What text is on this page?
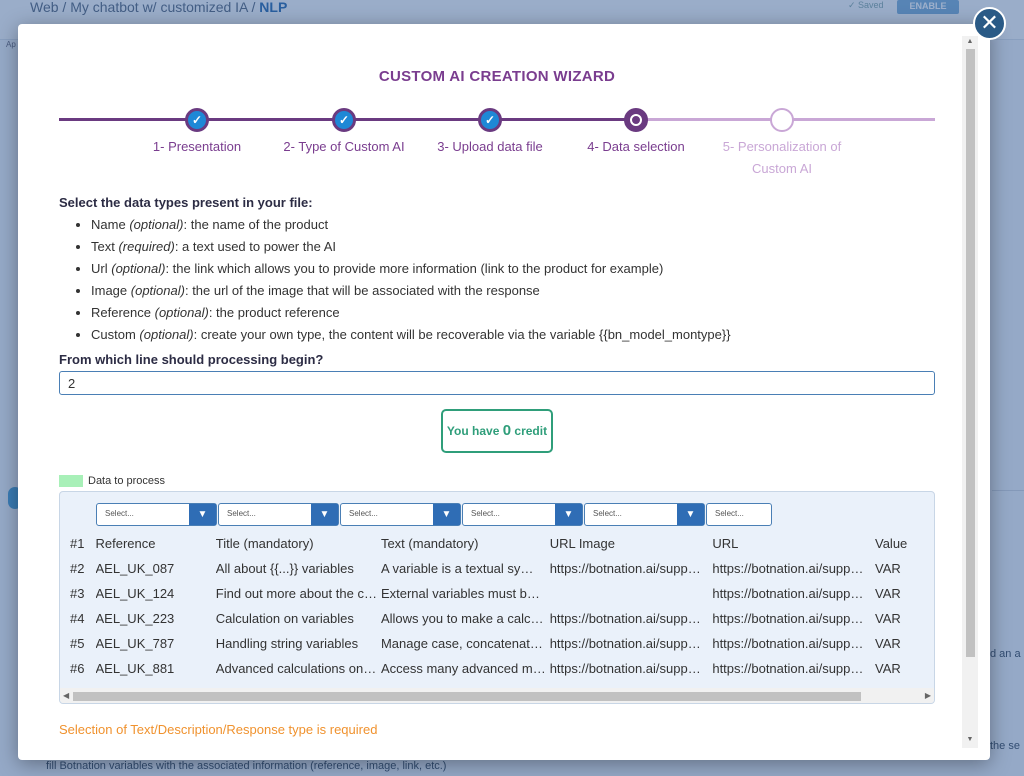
Web / My chatbot w/ customized IA / NLP	✓ Saved	ENABLE
Ap
d an a
the se
fill Botnation variables with the associated information (reference, image, link, etc.)
CUSTOM AI CREATION WIZARD
✓
1- Presentation
✓
2- Type of Custom AI
✓
3- Upload data file	4- Data selection	5- Personalization of
Custom AI
Select the data types present in your file:
• Name (optional): the name of the product
• Text (required): a text used to power the AI
• Url (optional): the link which allows you to provide more information (link to the product for example)
• Image (optional): the url of the image that will be associated with the response
• Reference (optional): the product reference
• Custom (optional): create your own type, the content will be recoverable via the variable {{bn_model_montype}}
From which line should processing begin?
2
You have 0 credit
Data to process
Select...	▼	Select...	▼	Select...	▼	Select...	▼	Select...	▼	Select...
#1	Reference	Title (mandatory)	Text (mandatory)	URL Image	URL	Value
#2	AEL_UK_087	All about {{...}} variables	A variable is a textual sy…	https://botnation.ai/supp…	https://botnation.ai/supp…	VAR
#3	AEL_UK_124	Find out more about the c…	External variables must b…		https://botnation.ai/supp…	VAR
#4	AEL_UK_223	Calculation on variables	Allows you to make a calc…	https://botnation.ai/supp…	https://botnation.ai/supp…	VAR
#5	AEL_UK_787	Handling string variables	Manage case, concatenat…	https://botnation.ai/supp…	https://botnation.ai/supp…	VAR
#6	AEL_UK_881	Advanced calculations on…	Access many advanced m…	https://botnation.ai/supp…	https://botnation.ai/supp…	VAR
◀	▶
Selection of Text/Description/Response type is required
▲
▼
✕
